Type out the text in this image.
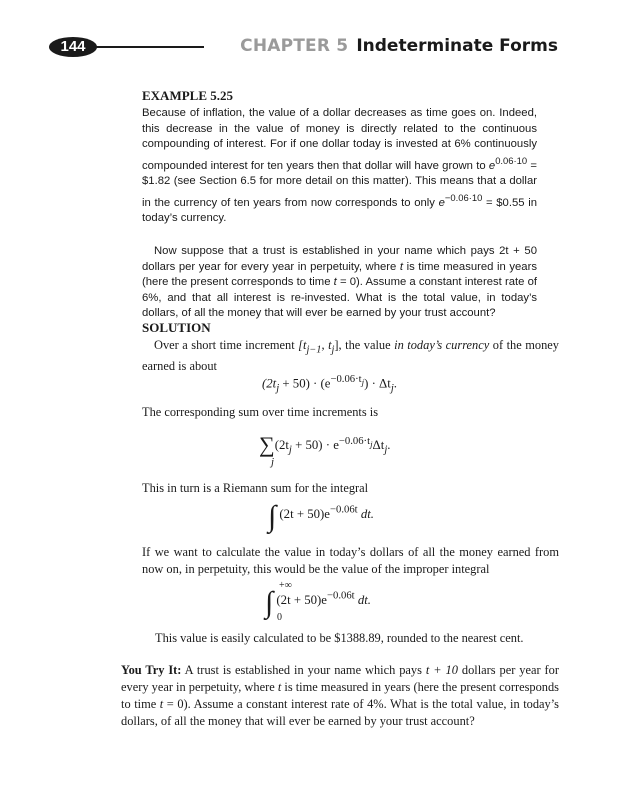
144	CHAPTER 5 Indeterminate Forms
EXAMPLE 5.25

Because of inflation, the value of a dollar decreases as time goes on. Indeed, this decrease in the value of money is directly related to the continuous compounding of interest. For if one dollar today is invested at 6% continuously compounded interest for ten years then that dollar will have grown to $e^{0.06\cdot 10}$ = $1.82 (see Section 6.5 for more detail on this matter). This means that a dollar in the currency of ten years from now corresponds to only $e^{-0.06\cdot 10}$ = $0.55 in today’s currency.

Now suppose that a trust is established in your name which pays 2t + 50 dollars per year for every year in perpetuity, where t is time measured in years (here the present corresponds to time t = 0). Assume a constant interest rate of 6%, and that all interest is re-invested. What is the total value, in today’s dollars, of all the money that will ever be earned by your trust account?

SOLUTION

Over a short time increment [$t_{j-1}$, $t_j$], the value in today’s currency of the money earned is about

$(2t_j + 50) \cdot (e^{-0.06\cdot t_j}) \cdot \Delta t_j$.

The corresponding sum over time increments is

∑
j
$(2t_j + 50) \cdot e^{-0.06\cdot t_j}\Delta t_j$.

This in turn is a Riemann sum for the integral

∫ $(2t + 50)e^{-0.06t}$ dt.

If we want to calculate the value in today’s dollars of all the money earned from now on, in perpetuity, this would be the value of the improper integral

∫
+∞
0
$(2t + 50)e^{-0.06t}$ dt.

This value is easily calculated to be $1388.89, rounded to the nearest cent.

You Try It: A trust is established in your name which pays t + 10 dollars per year for every year in perpetuity, where t is time measured in years (here the present corresponds to time t = 0). Assume a constant interest rate of 4%. What is the total value, in today’s dollars, of all the money that will ever be earned by your trust account?
